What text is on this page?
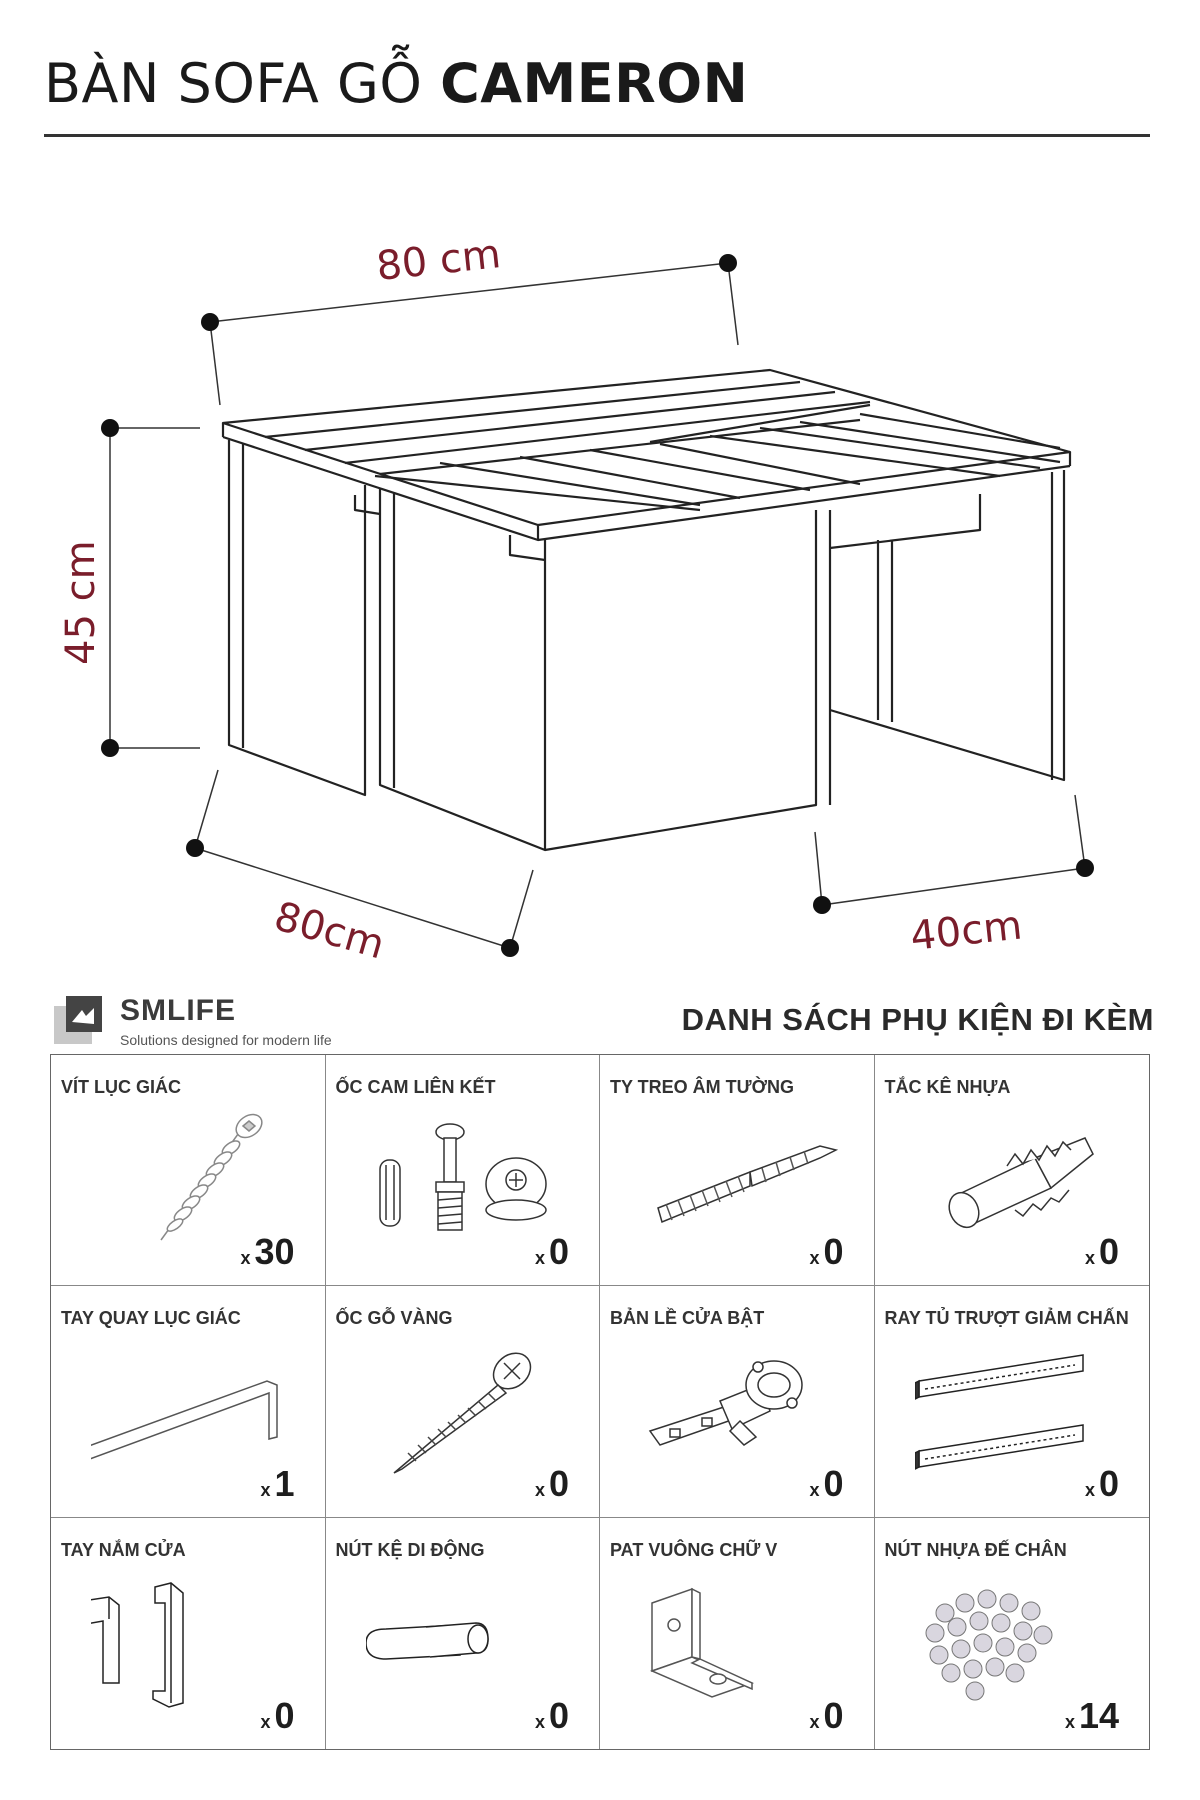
BÀN SOFA GỖ CAMERON
80 cm
45 cm
80cm	40cm
SMLIFE
Solutions designed for modern life
DANH SÁCH PHỤ KIỆN ĐI KÈM
VÍT LỤC GIÁC
x 30
ỐC CAM LIÊN KẾT
x 0
TY TREO ÂM TƯỜNG
x 0
TẮC KÊ NHỰA
x 0
TAY QUAY LỤC GIÁC
x 1
ỐC GỖ VÀNG
x 0
BẢN LỀ CỬA BẬT
x 0
RAY TỦ TRƯỢT GIẢM CHẤN
x 0
TAY NẮM CỬA
x 0
NÚT KỆ DI ĐỘNG
x 0
PAT VUÔNG CHỮ V
x 0
NÚT NHỰA ĐẾ CHÂN
x 14
